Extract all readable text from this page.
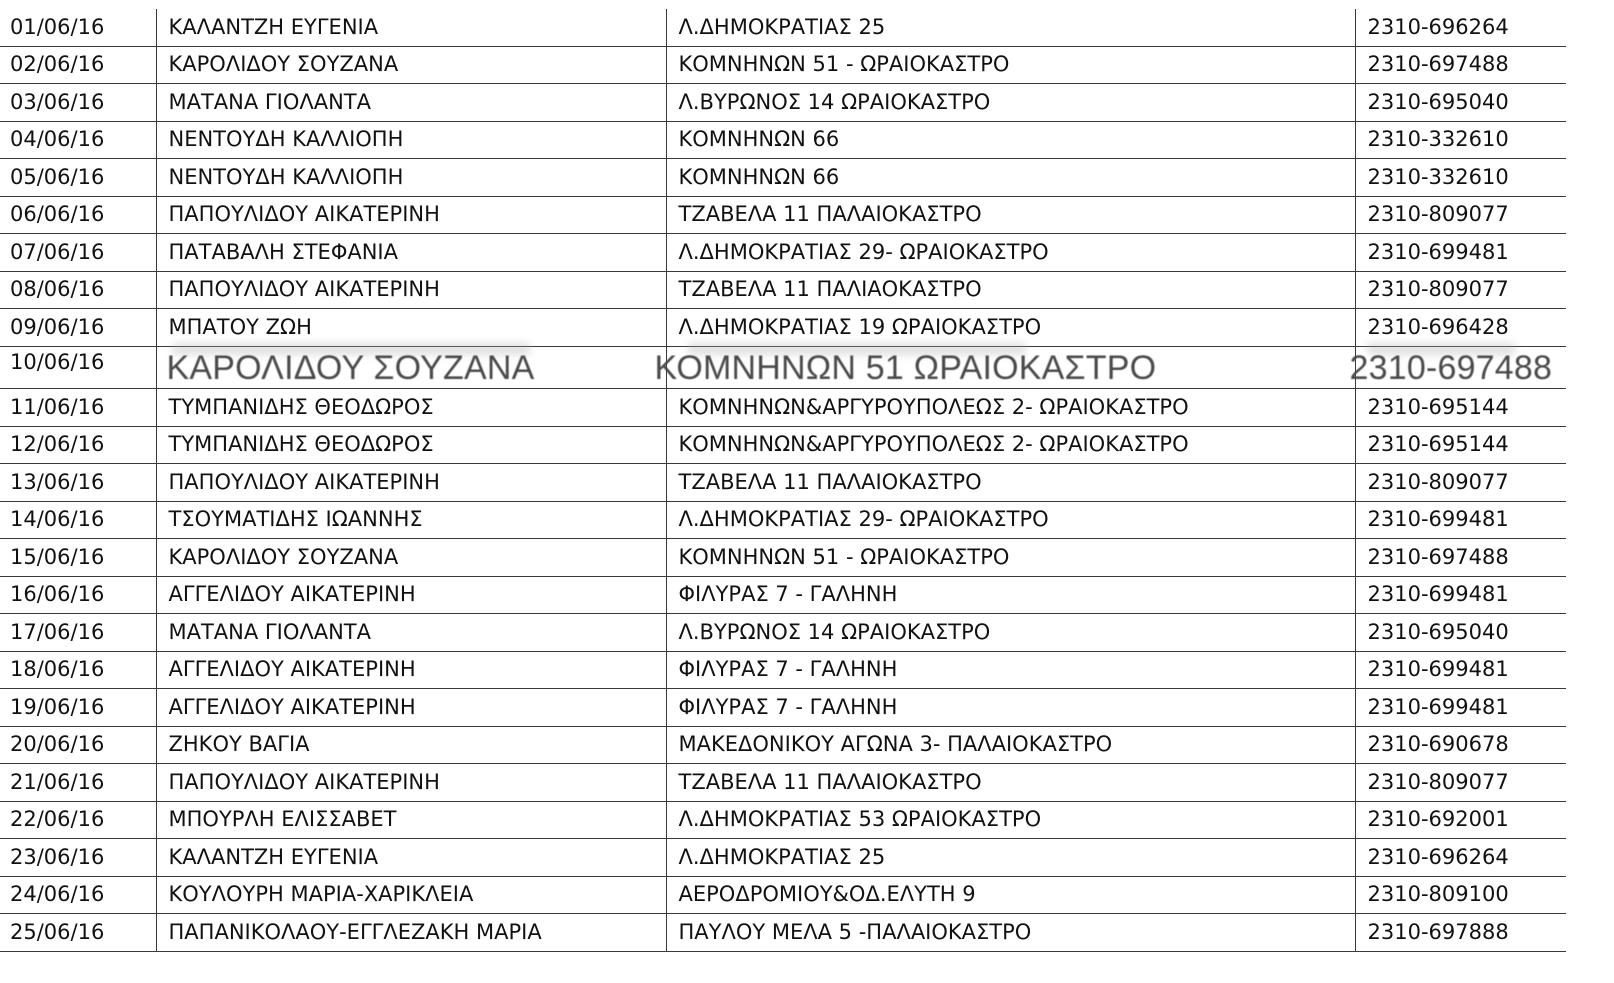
01/06/16	ΚΑΛΑΝΤΖΗ ΕΥΓΕΝΙΑ	Λ.ΔΗΜΟΚΡΑΤΙΑΣ 25	2310-696264
02/06/16	ΚΑΡΟΛΙΔΟΥ ΣΟΥΖΑΝΑ	ΚΟΜΝΗΝΩΝ 51 - ΩΡΑΙΟΚΑΣΤΡΟ	2310-697488
03/06/16	ΜΑΤΑΝΑ ΓΙΟΛΑΝΤΑ	Λ.ΒΥΡΩΝΟΣ 14 ΩΡΑΙΟΚΑΣΤΡΟ	2310-695040
04/06/16	ΝΕΝΤΟΥΔΗ ΚΑΛΛΙΟΠΗ	ΚΟΜΝΗΝΩΝ 66	2310-332610
05/06/16	ΝΕΝΤΟΥΔΗ ΚΑΛΛΙΟΠΗ	ΚΟΜΝΗΝΩΝ 66	2310-332610
06/06/16	ΠΑΠΟΥΛΙΔΟΥ ΑΙΚΑΤΕΡΙΝΗ	ΤΖΑΒΕΛΑ 11 ΠΑΛΑΙΟΚΑΣΤΡΟ	2310-809077
07/06/16	ΠΑΤΑΒΑΛΗ ΣΤΕΦΑΝΙΑ	Λ.ΔΗΜΟΚΡΑΤΙΑΣ 29- ΩΡΑΙΟΚΑΣΤΡΟ	2310-699481
08/06/16	ΠΑΠΟΥΛΙΔΟΥ ΑΙΚΑΤΕΡΙΝΗ	ΤΖΑΒΕΛΑ 11 ΠΑΛΙΑΟΚΑΣΤΡΟ	2310-809077
09/06/16	ΜΠΑΤΟΥ ΖΩΗ	Λ.ΔΗΜΟΚΡΑΤΙΑΣ 19 ΩΡΑΙΟΚΑΣΤΡΟ	2310-696428
10/06/16	ΚΑΡΟΛΙΔΟΥ ΣΟΥΖΑΝΑ	ΚΟΜΝΗΝΩΝ 51 ΩΡΑΙΟΚΑΣΤΡΟ	2310-697488

11/06/16	ΤΥΜΠΑΝΙΔΗΣ ΘΕΟΔΩΡΟΣ	ΚΟΜΝΗΝΩΝ&ΑΡΓΥΡΟΥΠΟΛΕΩΣ 2- ΩΡΑΙΟΚΑΣΤΡΟ	2310-695144
12/06/16	ΤΥΜΠΑΝΙΔΗΣ ΘΕΟΔΩΡΟΣ	ΚΟΜΝΗΝΩΝ&ΑΡΓΥΡΟΥΠΟΛΕΩΣ 2- ΩΡΑΙΟΚΑΣΤΡΟ	2310-695144
13/06/16	ΠΑΠΟΥΛΙΔΟΥ ΑΙΚΑΤΕΡΙΝΗ	ΤΖΑΒΕΛΑ 11 ΠΑΛΑΙΟΚΑΣΤΡΟ	2310-809077
14/06/16	ΤΣΟΥΜΑΤΙΔΗΣ ΙΩΑΝΝΗΣ	Λ.ΔΗΜΟΚΡΑΤΙΑΣ 29- ΩΡΑΙΟΚΑΣΤΡΟ	2310-699481
15/06/16	ΚΑΡΟΛΙΔΟΥ ΣΟΥΖΑΝΑ	ΚΟΜΝΗΝΩΝ 51 - ΩΡΑΙΟΚΑΣΤΡΟ	2310-697488
16/06/16	ΑΓΓΕΛΙΔΟΥ ΑΙΚΑΤΕΡΙΝΗ	ΦΙΛΥΡΑΣ 7 - ΓΑΛΗΝΗ	2310-699481
17/06/16	ΜΑΤΑΝΑ ΓΙΟΛΑΝΤΑ	Λ.ΒΥΡΩΝΟΣ 14 ΩΡΑΙΟΚΑΣΤΡΟ	2310-695040
18/06/16	ΑΓΓΕΛΙΔΟΥ ΑΙΚΑΤΕΡΙΝΗ	ΦΙΛΥΡΑΣ 7 - ΓΑΛΗΝΗ	2310-699481
19/06/16	ΑΓΓΕΛΙΔΟΥ ΑΙΚΑΤΕΡΙΝΗ	ΦΙΛΥΡΑΣ 7 - ΓΑΛΗΝΗ	2310-699481
20/06/16	ΖΗΚΟΥ ΒΑΓΙΑ	ΜΑΚΕΔΟΝΙΚΟΥ ΑΓΩΝΑ 3- ΠΑΛΑΙΟΚΑΣΤΡΟ	2310-690678
21/06/16	ΠΑΠΟΥΛΙΔΟΥ ΑΙΚΑΤΕΡΙΝΗ	ΤΖΑΒΕΛΑ 11 ΠΑΛΑΙΟΚΑΣΤΡΟ	2310-809077
22/06/16	ΜΠΟΥΡΛΗ ΕΛΙΣΣΑΒΕΤ	Λ.ΔΗΜΟΚΡΑΤΙΑΣ 53 ΩΡΑΙΟΚΑΣΤΡΟ	2310-692001
23/06/16	ΚΑΛΑΝΤΖΗ ΕΥΓΕΝΙΑ	Λ.ΔΗΜΟΚΡΑΤΙΑΣ 25	2310-696264
24/06/16	ΚΟΥΛΟΥΡΗ ΜΑΡΙΑ-ΧΑΡΙΚΛΕΙΑ	ΑΕΡΟΔΡΟΜΙΟΥ&ΟΔ.ΕΛΥΤΗ 9	2310-809100
25/06/16	ΠΑΠΑΝΙΚΟΛΑΟΥ-ΕΓΓΛΕΖΑΚΗ ΜΑΡΙΑ	ΠΑΥΛΟΥ ΜΕΛΑ 5 -ΠΑΛΑΙΟΚΑΣΤΡΟ	2310-697888
